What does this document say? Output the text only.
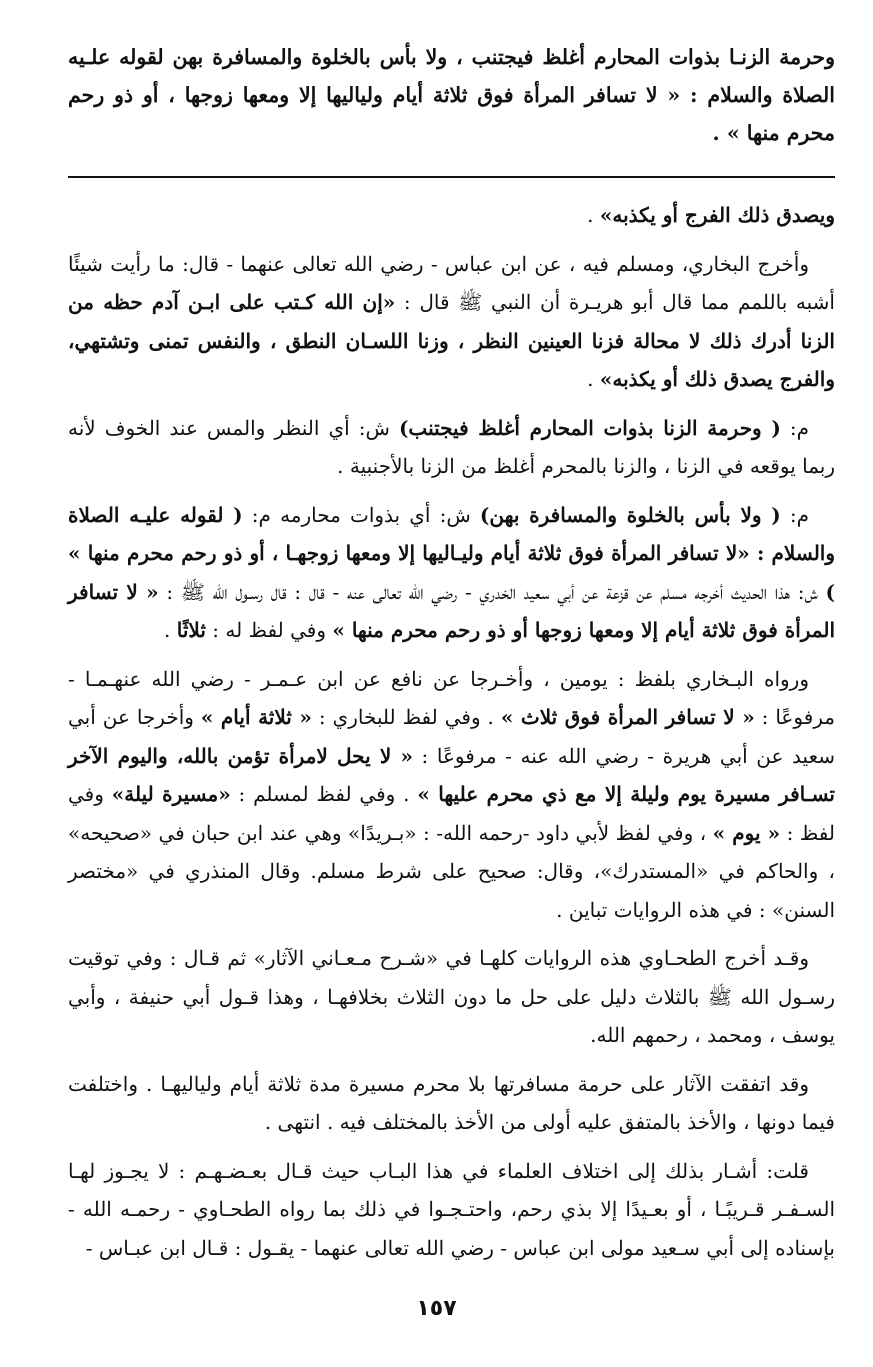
وحرمة الزنـا بذوات المحارم أغلظ فيجتنب ، ولا بأس بالخلوة والمسافرة بهن لقوله علـيه الصلاة والسلام : « لا تسافر المرأة فوق ثلاثة أيام ولياليها إلا ومعها زوجها ، أو ذو رحم محرم منها » .

ويصدق ذلك الفرج أو يكذبه» .

وأخرج البخاري، ومسلم فيه ، عن ابن عباس - رضي الله تعالى عنهما - قال: ما رأيت شيئًا أشبه باللمم مما قال أبو هريـرة أن النبي ﷺ قال : «إن الله كـتب على ابـن آدم حظه من الزنا أدرك ذلك لا محالة فزنا العينين النظر ، وزنا اللسـان النطق ، والنفس تمنى وتشتهي، والفرج يصدق ذلك أو يكذبه» .

م: ( وحرمة الزنا بذوات المحارم أغلظ فيجتنب) ش: أي النظر والمس عند الخوف لأنه ربما يوقعه في الزنا ، والزنا بالمحرم أغلظ من الزنا بالأجنبية .

م: ( ولا بأس بالخلوة والمسافرة بهن) ش: أي بذوات محارمه م: ( لقوله عليـه الصلاة والسلام : «لا تسافر المرأة فوق ثلاثة أيام وليـاليها إلا ومعها زوجهـا ، أو ذو رحم محرم منها » ) ش: هذا الحديث أخرجه مسلم عن قزعة عن أبي سعيد الخدري - رضي الله تعالى عنه - قال : قال رسـول الله ﷺ : « لا تسافر المرأة فوق ثلاثة أيام إلا ومعها زوجها أو ذو رحم محرم منها » وفي لفظ له : ثلاثًا .

ورواه البـخاري بلفظ : يومين ، وأخـرجا عن نافع عن ابن عـمـر - رضي الله عنهـمـا - مرفوعًا : « لا تسافر المرأة فوق ثلاث » . وفي لفظ للبخاري : « ثلاثة أيام » وأخرجا عن أبي سعيد عن أبي هريرة - رضي الله عنه - مرفوعًا : « لا يحل لامرأة تؤمن بالله، واليوم الآخر تسـافر مسيرة يوم وليلة إلا مع ذي محرم عليها » . وفي لفظ لمسلم : «مسيرة ليلة» وفي لفظ : « يوم » ، وفي لفظ لأبي داود -رحمه الله- : «بـريدًا» وهي عند ابن حبان في «صحيحه» ، والحاكم في «المستدرك»، وقال: صحيح على شرط مسلم. وقال المنذري في «مختصر السنن» : في هذه الروايات تباين .

وقـد أخرج الطحـاوي هذه الروايات كلهـا في «شـرح مـعـاني الآثار» ثم قـال : وفي توقيت رسـول الله ﷺ بالثلاث دليل على حل ما دون الثلاث بخلافهـا ، وهذا قـول أبي حنيفة ، وأبي يوسف ، ومحمد ، رحمهم الله.

وقد اتفقت الآثار على حرمة مسافرتها بلا محرم مسيرة مدة ثلاثة أيام ولياليهـا . واختلفت فيما دونها ، والأخذ بالمتفق عليه أولى من الأخذ بالمختلف فيه . انتهى .

قلت: أشـار بذلك إلى اختلاف العلماء في هذا البـاب حيث قـال بعـضـهـم : لا يجـوز لهـا السـفـر قـريبًـا ، أو بعـيدًا إلا بذي رحم، واحتـجـوا في ذلك بما رواه الطحـاوي - رحمـه الله - بإسناده إلى أبي سـعيد مولى ابن عباس - رضي الله تعالى عنهما - يقـول : قـال ابن عبـاس -

١٥٧
